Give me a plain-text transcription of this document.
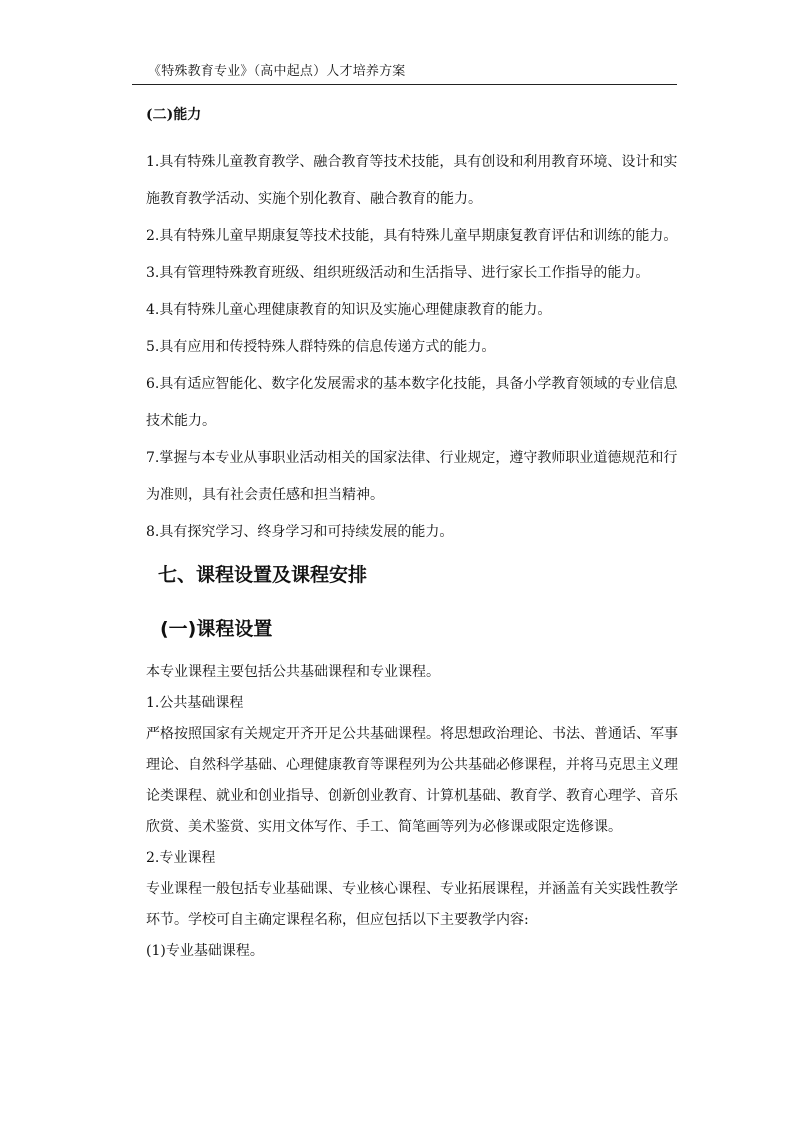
《特殊教育专业》（高中起点）人才培养方案
(二)能力

1.具有特殊儿童教育教学、融合教育等技术技能，具有创设和利用教育环境、设计和实施教育教学活动、实施个别化教育、融合教育的能力。

2.具有特殊儿童早期康复等技术技能，具有特殊儿童早期康复教育评估和训练的能力。

3.具有管理特殊教育班级、组织班级活动和生活指导、进行家长工作指导的能力。

4.具有特殊儿童心理健康教育的知识及实施心理健康教育的能力。

5.具有应用和传授特殊人群特殊的信息传递方式的能力。

6.具有适应智能化、数字化发展需求的基本数字化技能，具备小学教育领域的专业信息技术能力。

7.掌握与本专业从事职业活动相关的国家法律、行业规定，遵守教师职业道德规范和行为准则，具有社会责任感和担当精神。

8.具有探究学习、终身学习和可持续发展的能力。

七、课程设置及课程安排
(一)课程设置

本专业课程主要包括公共基础课程和专业课程。

1.公共基础课程

严格按照国家有关规定开齐开足公共基础课程。将思想政治理论、书法、普通话、军事理论、自然科学基础、心理健康教育等课程列为公共基础必修课程，并将马克思主义理论类课程、就业和创业指导、创新创业教育、计算机基础、教育学、教育心理学、音乐欣赏、美术鉴赏、实用文体写作、手工、简笔画等列为必修课或限定选修课。

2.专业课程

专业课程一般包括专业基础课、专业核心课程、专业拓展课程，并涵盖有关实践性教学环节。学校可自主确定课程名称，但应包括以下主要教学内容:

(1)专业基础课程。
